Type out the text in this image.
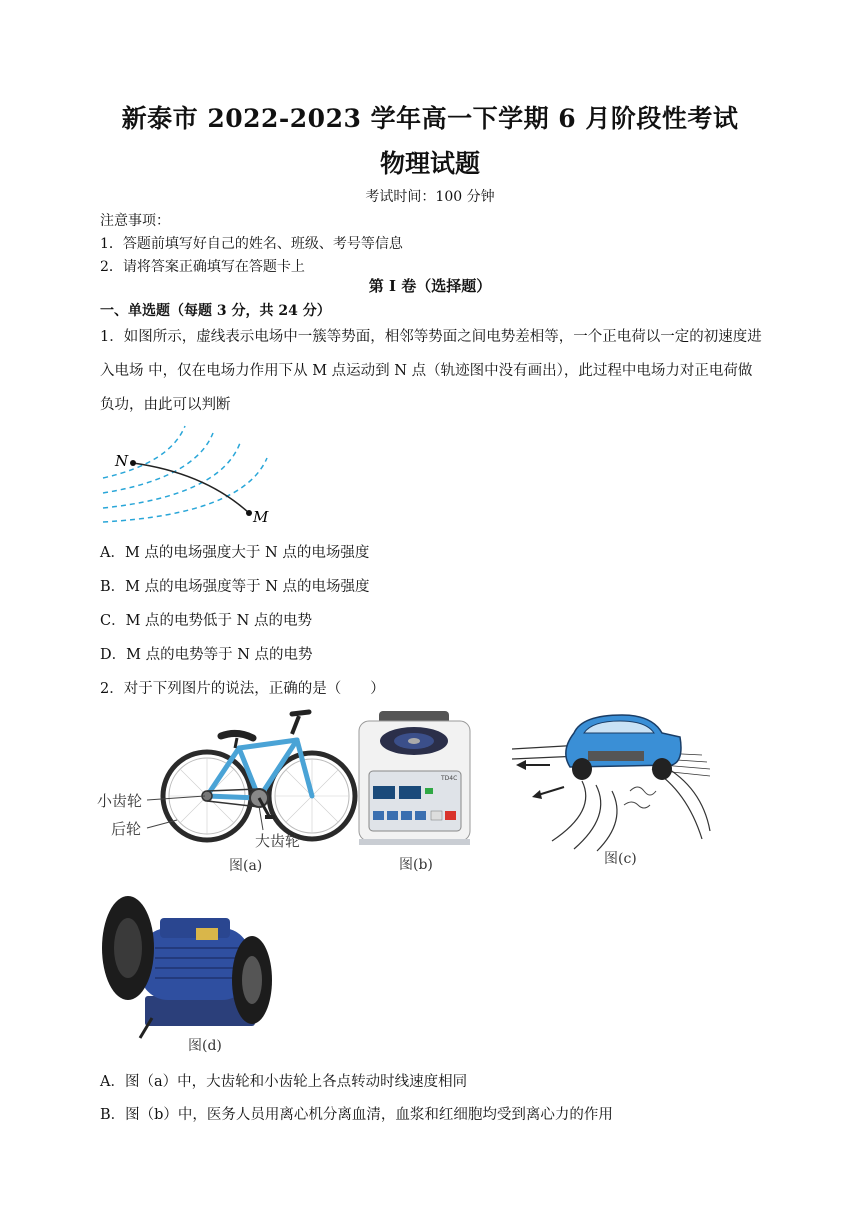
新泰市 2022-2023 学年高一下学期 6 月阶段性考试
物理试题
考试时间：100 分钟
注意事项：
1．答题前填写好自己的姓名、班级、考号等信息
2．请将答案正确填写在答题卡上
第 I 卷（选择题）
一、单选题（每题 3 分，共 24 分）
1．如图所示，虚线表示电场中一簇等势面，相邻等势面之间电势差相等，一个正电荷以一定的初速度进入电场 中，仅在电场力作用下从 M 点运动到 N 点（轨迹图中没有画出），此过程中电场力对正电荷做负功，由此可以判断
N
M
A．M 点的电场强度大于 N 点的电场强度
B．M 点的电场强度等于 N 点的电场强度
C．M 点的电势低于 N 点的电势
D．M 点的电势等于 N 点的电势
2．对于下列图片的说法，正确的是（　　）
小齿轮
后轮
大齿轮
图(a)
TD4C
图(b)	图(c)
图(d)
A．图（a）中，大齿轮和小齿轮上各点转动时线速度相同
B．图（b）中，医务人员用离心机分离血清，血浆和红细胞均受到离心力的作用
